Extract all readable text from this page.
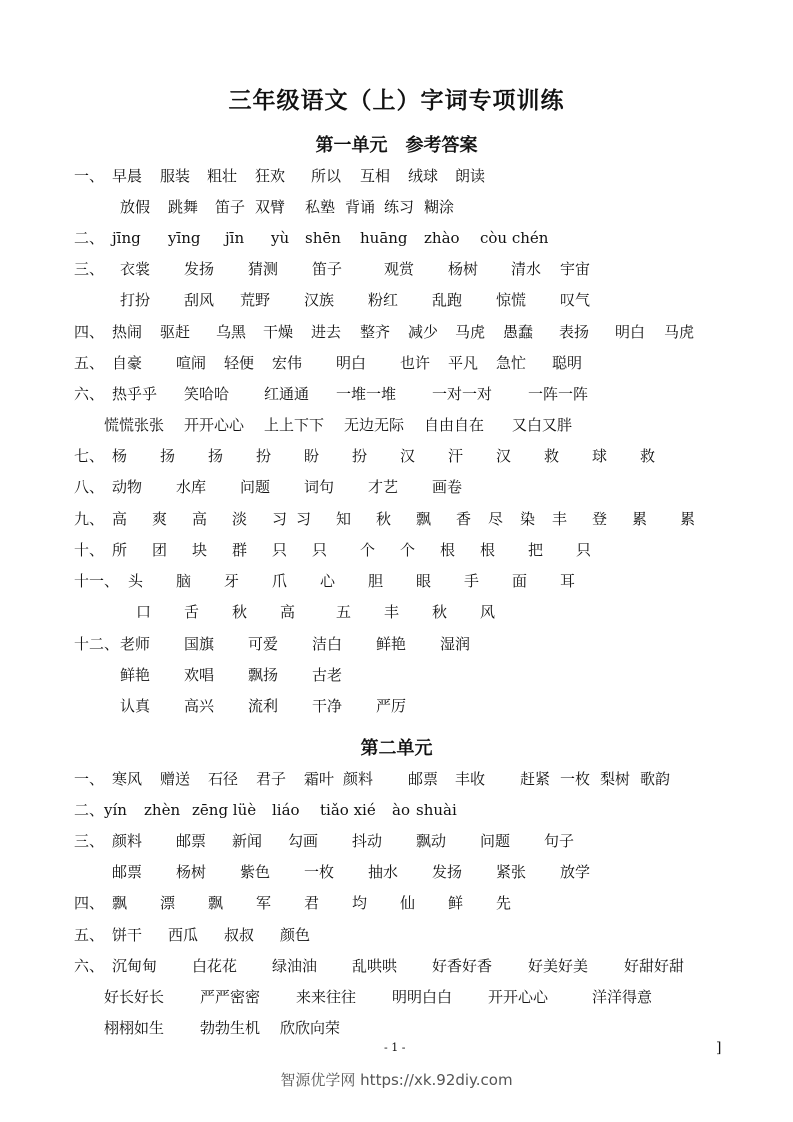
三年级语文（上）字词专项训练
第一单元　参考答案
一、 早晨 服装 粗壮 狂欢 所以 互相 绒球 朗读
放假 跳舞 笛子 双臂 私塾 背诵 练习 糊涂
二、 jīng yīng jīn yù shēn huāng zhào còu chén
三、 衣裳 发扬 猜测 笛子	观赏 杨树 清水 宇宙
打扮 刮风 荒野 汉族 粉红 乱跑 惊慌 叹气
四、 热闹 驱赶 乌黑 干燥 进去 整齐 减少 马虎 愚蠢 表扬 明白 马虎
五、 自豪 喧闹 轻便 宏伟 明白 也许 平凡 急忙 聪明
六、 热乎乎 笑哈哈 红通通 一堆一堆 一对一对 一阵一阵
慌慌张张 开开心心 上上下下 无边无际 自由自在 又白又胖
七、 杨 扬 扬 扮 盼 扮 汉 汗 汉 救 球 救
八、 动物 水库 问题 词句 才艺 画卷
九、 高 爽 高 淡 习 习 知 秋 飘 香 尽 染 丰 登 累 累
十、 所 团 块 群 只 只 个 个 根 根 把 只
十一、 头 脑 牙 爪 心 胆 眼 手 面 耳
口 舌 秋 高	五 丰 秋 风
十二、 老师 国旗 可爱 洁白 鲜艳 湿润
鲜艳 欢唱 飘扬 古老
认真 高兴 流利 干净 严厉
第二单元
一、 寒风 赠送 石径 君子 霜叶 颜料 邮票 丰收 赶紧 一枚 梨树 歌韵
二、 yín zhèn zēng lüè liáo tiǎo xié ào shuài
三、 颜料 邮票 新闻 勾画 抖动 飘动 问题 句子
邮票 杨树 紫色 一枚 抽水 发扬 紧张 放学
四、 飘 漂 飘 军 君 均 仙 鲜 先
五、 饼干 西瓜 叔叔 颜色
六、 沉甸甸 白花花 绿油油 乱哄哄 好香好香 好美好美 好甜好甜
好长好长 严严密密 来来往往 明明白白 开开心心	洋洋得意
栩栩如生 勃勃生机 欣欣向荣
- 1 -	]
智源优学网 https://xk.92diy.com
